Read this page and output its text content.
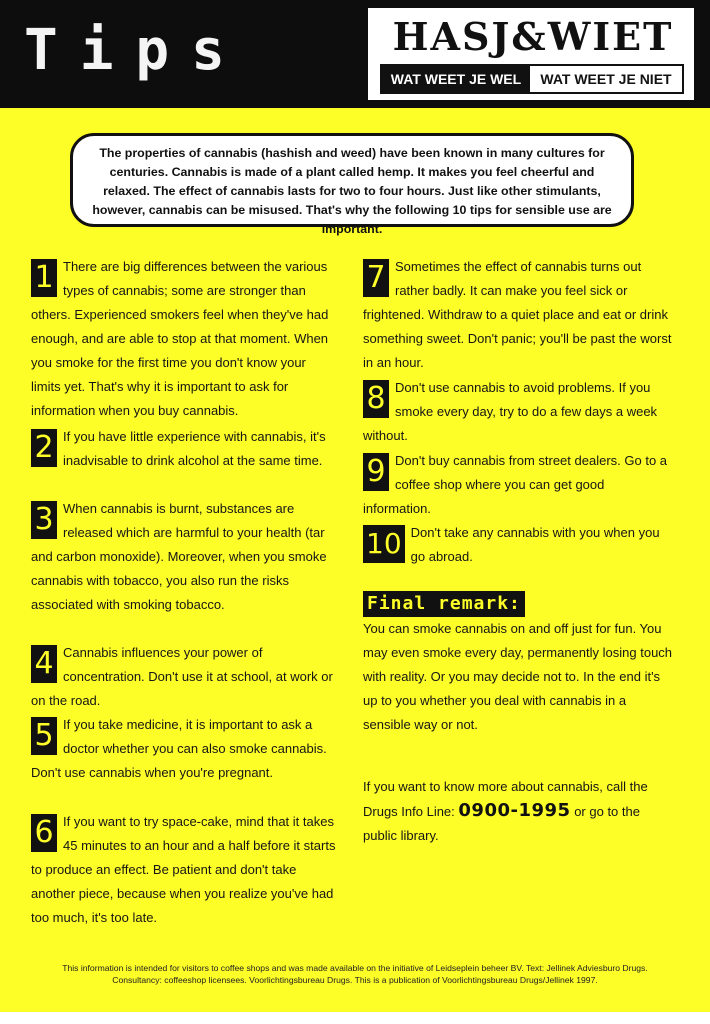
Tips	HASJ&WIET
WAT WEET JE WEL	WAT WEET JE NIET
The properties of cannabis (hashish and weed) have been known in many cultures for centuries. Cannabis is made of a plant called hemp. It makes you feel cheerful and relaxed. The effect of cannabis lasts for two to four hours. Just like other stimulants, however, cannabis can be misused. That's why the following 10 tips for sensible use are important.
1 There are big differences between the various types of cannabis; some are stronger than others. Experienced smokers feel when they've had enough, and are able to stop at that moment. When you smoke for the first time you don't know your limits yet. That's why it is important to ask for information when you buy cannabis.
2 If you have little experience with cannabis, it's inadvisable to drink alcohol at the same time.
3 When cannabis is burnt, substances are released which are harmful to your health (tar and carbon monoxide). Moreover, when you smoke cannabis with tobacco, you also run the risks associated with smoking tobacco.
4 Cannabis influences your power of concentration. Don't use it at school, at work or on the road.
5 If you take medicine, it is important to ask a doctor whether you can also smoke cannabis. Don't use cannabis when you're pregnant.
6 If you want to try space-cake, mind that it takes 45 minutes to an hour and a half before it starts to produce an effect. Be patient and don't take another piece, because when you realize you've had too much, it's too late.
7 Sometimes the effect of cannabis turns out rather badly. It can make you feel sick or frightened. Withdraw to a quiet place and eat or drink something sweet. Don't panic; you'll be past the worst in an hour.
8 Don't use cannabis to avoid problems. If you smoke every day, try to do a few days a week without.
9 Don't buy cannabis from street dealers. Go to a coffee shop where you can get good information.
10 Don't take any cannabis with you when you go abroad.
Final remark:
You can smoke cannabis on and off just for fun. You may even smoke every day, permanently losing touch with reality. Or you may decide not to. In the end it's up to you whether you deal with cannabis in a sensible way or not.
If you want to know more about cannabis, call the Drugs Info Line: 0900-1995 or go to the public library.
This information is intended for visitors to coffee shops and was made available on the initiative of Leidseplein beheer BV. Text: Jellinek Adviesburo Drugs. Consultancy: coffeeshop licensees. Voorlichtingsbureau Drugs. This is a publication of Voorlichtingsbureau Drugs/Jellinek 1997.
